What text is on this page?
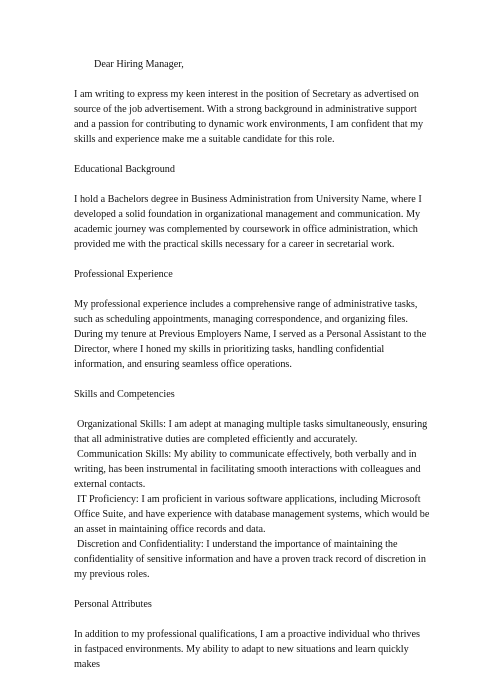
Dear Hiring Manager,

I am writing to express my keen interest in the position of Secretary as advertised on source of the job advertisement. With a strong background in administrative support and a passion for contributing to dynamic work environments, I am confident that my skills and experience make me a suitable candidate for this role.

Educational Background

I hold a Bachelors degree in Business Administration from University Name, where I developed a solid foundation in organizational management and communication. My academic journey was complemented by coursework in office administration, which provided me with the practical skills necessary for a career in secretarial work.

Professional Experience

My professional experience includes a comprehensive range of administrative tasks, such as scheduling appointments, managing correspondence, and organizing files. During my tenure at Previous Employers Name, I served as a Personal Assistant to the Director, where I honed my skills in prioritizing tasks, handling confidential information, and ensuring seamless office operations.

Skills and Competencies

Organizational Skills: I am adept at managing multiple tasks simultaneously, ensuring that all administrative duties are completed efficiently and accurately.

Communication Skills: My ability to communicate effectively, both verbally and in writing, has been instrumental in facilitating smooth interactions with colleagues and external contacts.

IT Proficiency: I am proficient in various software applications, including Microsoft Office Suite, and have experience with database management systems, which would be an asset in maintaining office records and data.

Discretion and Confidentiality: I understand the importance of maintaining the confidentiality of sensitive information and have a proven track record of discretion in my previous roles.

Personal Attributes

In addition to my professional qualifications, I am a proactive individual who thrives in fastpaced environments. My ability to adapt to new situations and learn quickly makes
